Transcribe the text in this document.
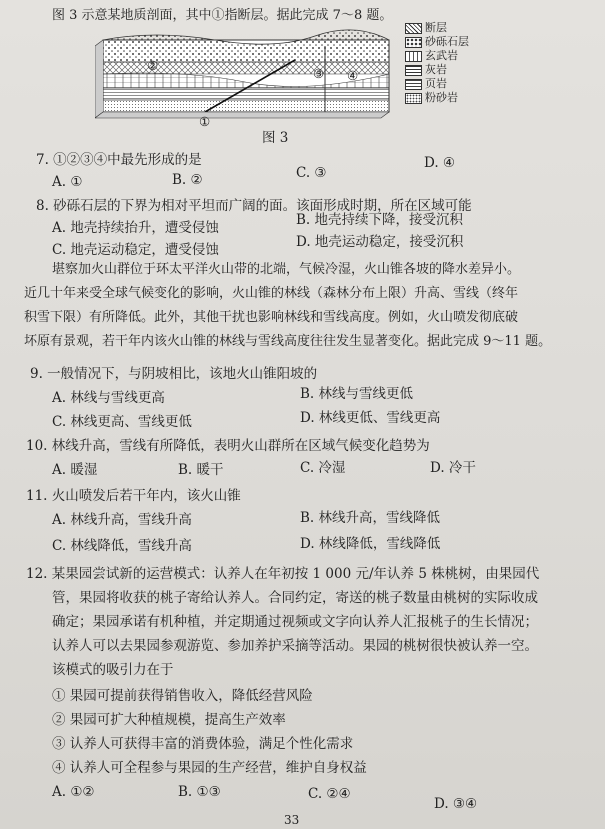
图 3 示意某地质剖面，其中①指断层。据此完成 7～8 题。
②
③ ④
①
断层
砂砾石层
玄武岩
灰岩
页岩
粉砂岩
图 3
7. ①②③④中最先形成的是
A. ①	B. ②	C. ③
D. ④
8. 砂砾石层的下界为相对平坦而广阔的面。该面形成时期，所在区域可能
A. 地壳持续抬升，遭受侵蚀	B. 地壳持续下降，接受沉积
C. 地壳运动稳定，遭受侵蚀	D. 地壳运动稳定，接受沉积
堪察加火山群位于环太平洋火山带的北端，气候冷湿，火山锥各坡的降水差异小。
近几十年来受全球气候变化的影响，火山锥的林线（森林分布上限）升高、雪线（终年
积雪下限）有所降低。此外，其他干扰也影响林线和雪线高度。例如，火山喷发彻底破
坏原有景观，若干年内该火山锥的林线与雪线高度往往发生显著变化。据此完成 9～11 题。
9. 一般情况下，与阴坡相比，该地火山锥阳坡的
A. 林线与雪线更高	B. 林线与雪线更低
C. 林线更高、雪线更低	D. 林线更低、雪线更高
10. 林线升高，雪线有所降低，表明火山群所在区域气候变化趋势为
A. 暖湿	B. 暖干	C. 冷湿	D. 冷干
11. 火山喷发后若干年内，该火山锥
A. 林线升高，雪线升高	B. 林线升高，雪线降低
C. 林线降低，雪线升高	D. 林线降低，雪线降低
12. 某果园尝试新的运营模式：认养人在年初按 1 000 元/年认养 5 株桃树，由果园代
管，果园将收获的桃子寄给认养人。合同约定，寄送的桃子数量由桃树的实际收成
确定；果园承诺有机种植，并定期通过视频或文字向认养人汇报桃子的生长情况；
认养人可以去果园参观游览、参加养护采摘等活动。果园的桃树很快被认养一空。
该模式的吸引力在于
① 果园可提前获得销售收入，降低经营风险
② 果园可扩大种植规模，提高生产效率
③ 认养人可获得丰富的消费体验，满足个性化需求
④ 认养人可全程参与果园的生产经营，维护自身权益
A. ①②	B. ①③	C. ②④
D. ③④
33
